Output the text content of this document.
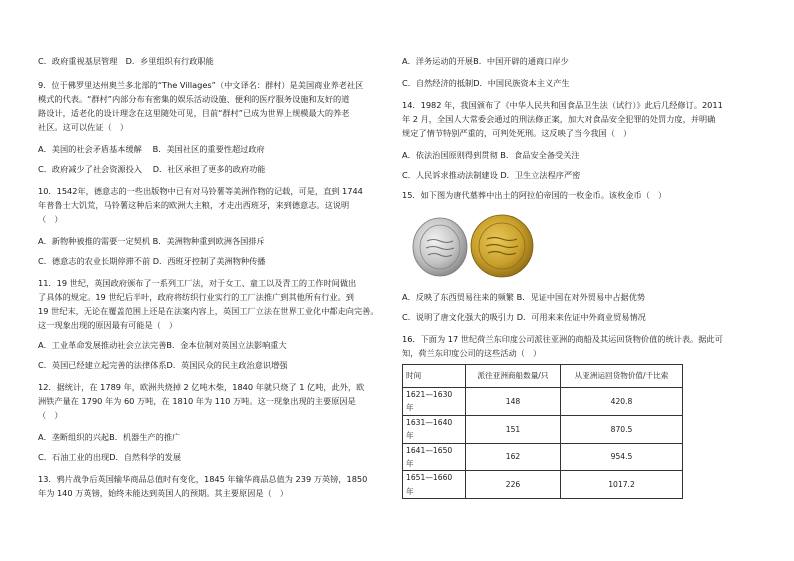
C．政府重视基层管理　D．乡里组织有行政职能
9．位于佛罗里达州奥兰多北部的“The Villages”（中文译名：群村）是美国商业养老社区
模式的代表。“群村”内部分布有密集的娱乐活动设施、便利的医疗服务设施和友好的道
路设计，适老化的设计理念在这里随处可见，目前“群村”已成为世界上规模最大的养老
社区。这可以佐证（　）
A．美国的社会矛盾基本缓解　 B．美国社区的重要性超过政府
C．政府减少了社会资源投入　 D．社区承担了更多的政府功能
10．1542年，德意志的一些出版物中已有对马铃薯等美洲作物的记载，可是，直到 1744
年普鲁士大饥荒，马铃薯这种后来的欧洲大主粮，才走出西班牙，来到德意志。这说明
（　）
A．新物种被推的需要一定契机 B．美洲物种重到欧洲各国排斥
C．德意志的农业长期停滞不前 D．西班牙控制了美洲物种传播
11．19 世纪，英国政府颁布了一系列工厂法，对于女工、童工以及青工的工作时间做出
了具体的规定。19 世纪后半叶，政府将纺织行业实行的工厂法推广到其他所有行业。到
19 世纪末，无论在覆盖范围上还是在法案内容上，英国工厂立法在世界工业化中都走向完善。
这一现象出现的原因最有可能是（　）
A．工业革命发展推动社会立法完善B．金本位制对英国立法影响重大
C．英国已经建立起完善的法律体系D．英国民众的民主政治意识增强
12．据统计，在 1789 年，欧洲共烧掉 2 亿吨木柴，1840 年就只烧了 1 亿吨，此外，欧
洲铁产量在 1790 年为 60 万吨，在 1810 年为 110 万吨。这一现象出现的主要原因是
（　）
A．垄断组织的兴起B．机器生产的推广
C．石油工业的出现D．自然科学的发展
13．鸦片战争后英国输华商品总值时有变化，1845 年输华商品总值为 239 万英镑，1850
年为 140 万英镑，始终未能达到英国人的预期。其主要原因是（　）
A．洋务运动的开展B．中国开辟的通商口岸少
C．自然经济的抵制D．中国民族资本主义产生
14．1982 年，我国颁布了《中华人民共和国食品卫生法（试行）》此后几经修订。2011
年 2 月，全国人大常委会通过的刑法修正案，加大对食品安全犯罪的处罚力度，并明确
规定了情节特别严重的，可判处死刑。这反映了当今我国（　）
A．依法治国原则得到贯彻 B．食品安全备受关注
C．人民诉求推动法制建设 D．卫生立法程序严密
15．如下图为唐代墓葬中出土的阿拉伯帝国的一枚金币。该枚金币（　）
A．反映了东西贸易往来的频繁 B．见证中国在对外贸易中占据优势
C．说明了唐文化强大的吸引力 D．可用来来佐证中外商业贸易情况
16．下面为 17 世纪荷兰东印度公司派往亚洲的商船及其运回货物价值的统计表。据此可
知，荷兰东印度公司的这些活动（　）
时间	派往亚洲商船数量/只	从亚洲运回货物价值/千比索
1621—1630 年	148	420.8
1631—1640 年	151	870.5
1641—1650 年	162	954.5
1651—1660 年	226	1017.2
